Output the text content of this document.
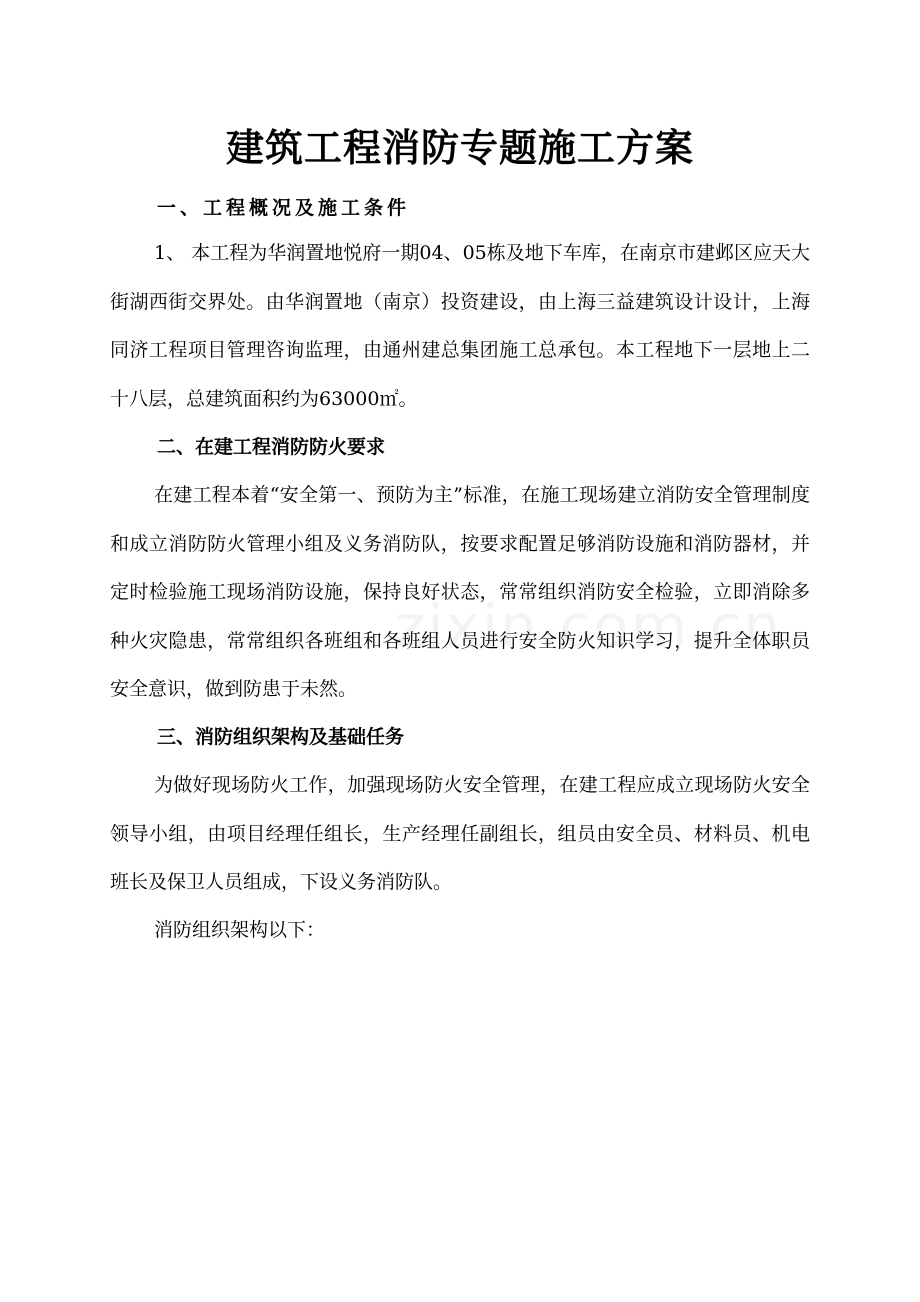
建筑工程消防专题施工方案
一、工程概况及施工条件
1、 本工程为华润置地悦府一期04、05栋及地下车库，在南京市建邺区应天大街湖西街交界处。由华润置地（南京）投资建设，由上海三益建筑设计设计，上海同济工程项目管理咨询监理，由通州建总集团施工总承包。本工程地下一层地上二十八层，总建筑面积约为63000㎡。
二、在建工程消防防火要求
在建工程本着“安全第一、预防为主”标准，在施工现场建立消防安全管理制度和成立消防防火管理小组及义务消防队，按要求配置足够消防设施和消防器材，并定时检验施工现场消防设施，保持良好状态，常常组织消防安全检验，立即消除多种火灾隐患，常常组织各班组和各班组人员进行安全防火知识学习，提升全体职员安全意识，做到防患于未然。
三、消防组织架构及基础任务
为做好现场防火工作，加强现场防火安全管理，在建工程应成立现场防火安全领导小组，由项目经理任组长，生产经理任副组长，组员由安全员、材料员、机电班长及保卫人员组成，下设义务消防队。
消防组织架构以下：
